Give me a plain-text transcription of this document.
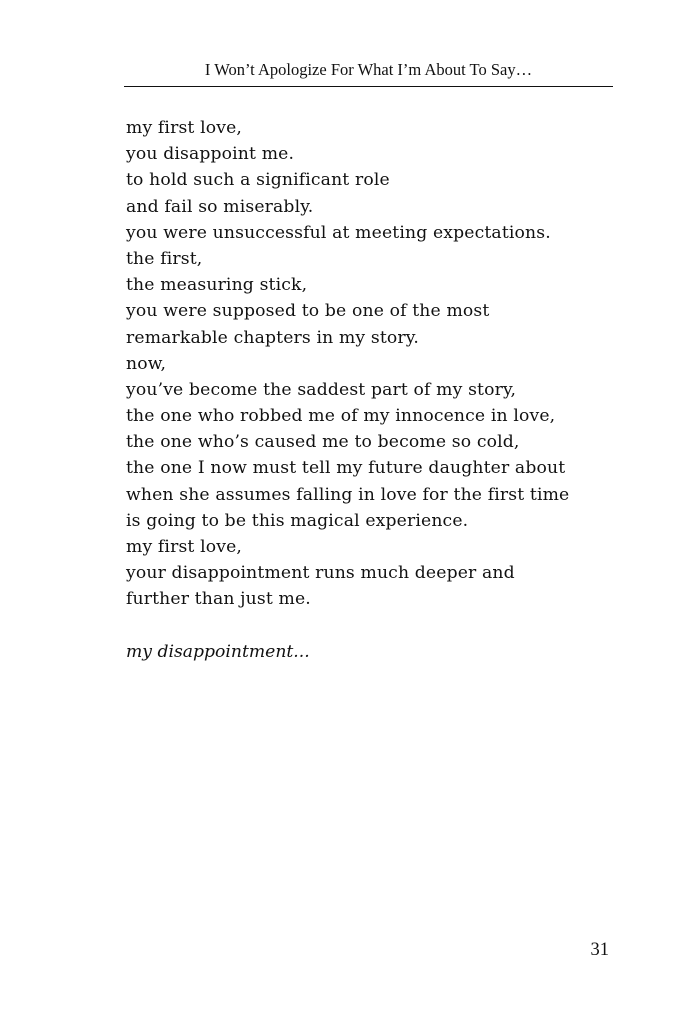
I Won’t Apologize For What I’m About To Say…
my first love,
you disappoint me.
to hold such a significant role
and fail so miserably.
you were unsuccessful at meeting expectations.
the first,
the measuring stick,
you were supposed to be one of the most
remarkable chapters in my story.
now,
you’ve become the saddest part of my story,
the one who robbed me of my innocence in love,
the one who’s caused me to become so cold,
the one I now must tell my future daughter about
when she assumes falling in love for the first time
is going to be this magical experience.
my first love,
your disappointment runs much deeper and
further than just me.
my disappointment...
31
